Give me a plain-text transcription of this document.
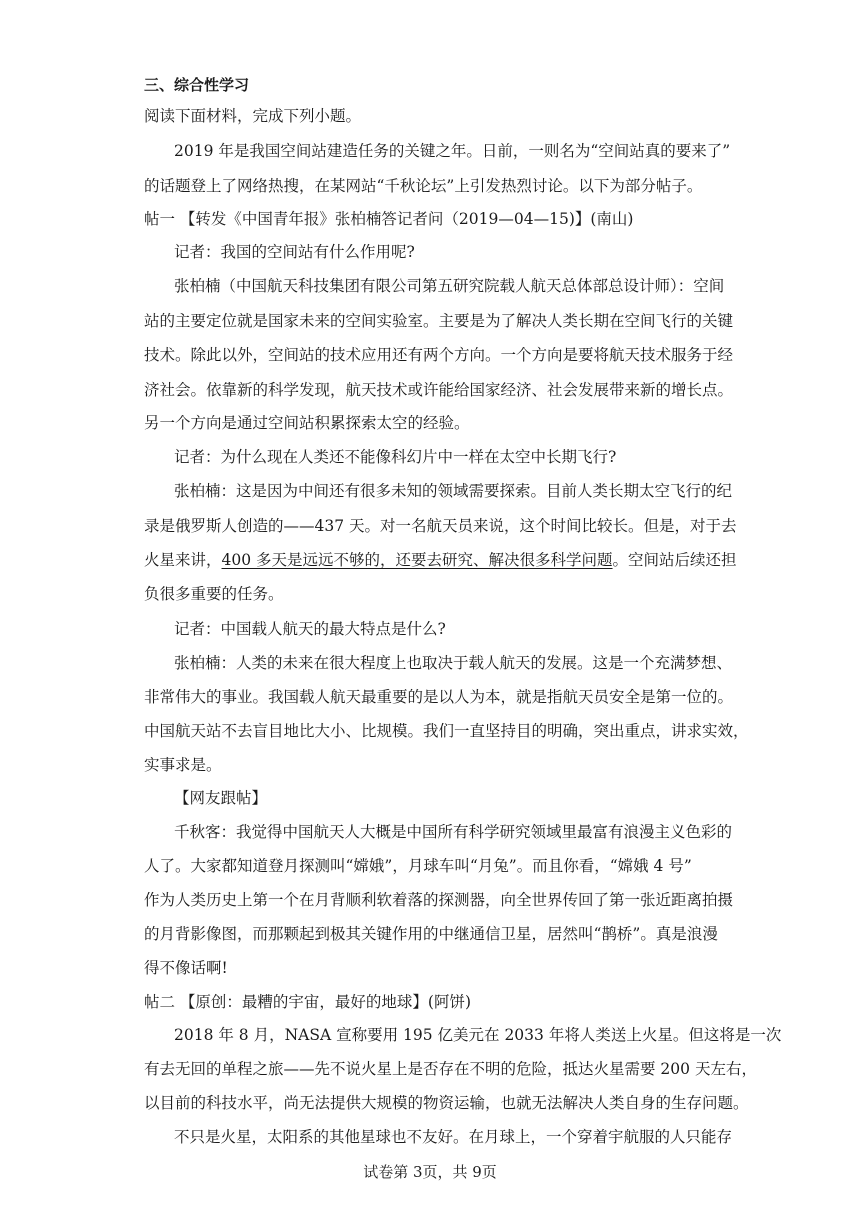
三、综合性学习
阅读下面材料，完成下列小题。
2019 年是我国空间站建造任务的关键之年。日前，一则名为“空间站真的要来了”
的话题登上了网络热搜，在某网站“千秋论坛”上引发热烈讨论。以下为部分帖子。
帖一 【转发《中国青年报》张柏楠答记者问（2019—04—15)】(南山)
记者：我国的空间站有什么作用呢?
张柏楠（中国航天科技集团有限公司第五研究院载人航天总体部总设计师）：空间
站的主要定位就是国家未来的空间实验室。主要是为了解决人类长期在空间飞行的关键
技术。除此以外，空间站的技术应用还有两个方向。一个方向是要将航天技术服务于经
济社会。依靠新的科学发现，航天技术或许能给国家经济、社会发展带来新的增长点。
另一个方向是通过空间站积累探索太空的经验。
记者：为什么现在人类还不能像科幻片中一样在太空中长期飞行?
张柏楠：这是因为中间还有很多未知的领域需要探索。目前人类长期太空飞行的纪
录是俄罗斯人创造的——437 天。对一名航天员来说，这个时间比较长。但是，对于去
火星来讲，400 多天是远远不够的，还要去研究、解决很多科学问题。空间站后续还担
负很多重要的任务。
记者：中国载人航天的最大特点是什么?
张柏楠：人类的未来在很大程度上也取决于载人航天的发展。这是一个充满梦想、
非常伟大的事业。我国载人航天最重要的是以人为本，就是指航天员安全是第一位的。
中国航天站不去盲目地比大小、比规模。我们一直坚持目的明确，突出重点，讲求实效，
实事求是。
【网友跟帖】
千秋客：我觉得中国航天人大概是中国所有科学研究领域里最富有浪漫主义色彩的
人了。大家都知道登月探测叫“嫦娥”，月球车叫“月兔”。而且你看，“嫦娥 4 号”
作为人类历史上第一个在月背顺利软着落的探测器，向全世界传回了第一张近距离拍摄
的月背影像图，而那颗起到极其关键作用的中继通信卫星，居然叫“鹊桥”。真是浪漫
得不像话啊!
帖二 【原创：最糟的宇宙，最好的地球】(阿饼)
2018 年 8 月，NASA 宣称要用 195 亿美元在 2033 年将人类送上火星。但这将是一次
有去无回的单程之旅——先不说火星上是否存在不明的危险，抵达火星需要 200 天左右，
以目前的科技水平，尚无法提供大规模的物资运输，也就无法解决人类自身的生存问题。
不只是火星，太阳系的其他星球也不友好。在月球上，一个穿着宇航服的人只能存
试卷第 3页，共 9页
